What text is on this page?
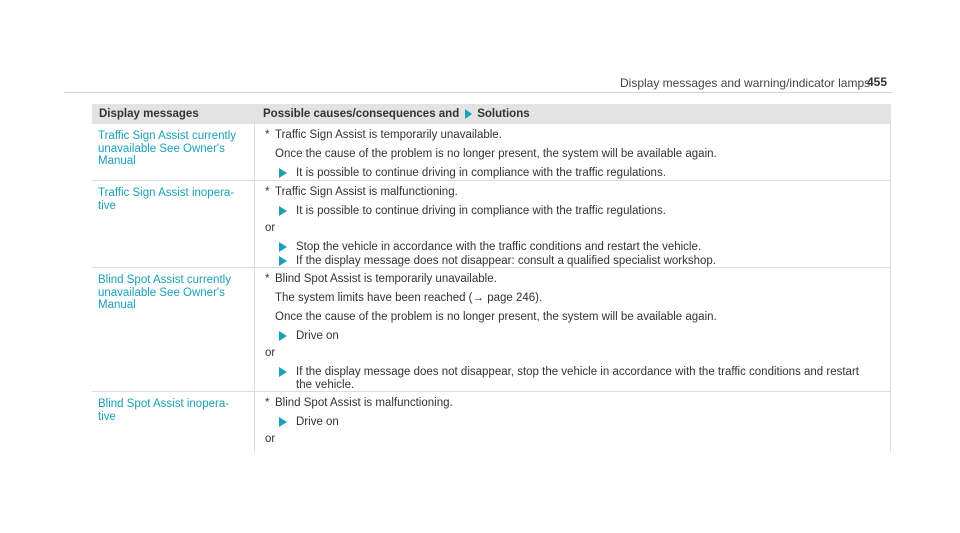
Display messages and warning/indicator lamps
455
Display messages	Possible causes/consequences and Solutions
Traffic Sign Assist currently
unavailable See Owner's
Manual
* Traffic Sign Assist is temporarily unavailable.
Once the cause of the problem is no longer present, the system will be available again.
It is possible to continue driving in compliance with the traffic regulations.
Traffic Sign Assist inopera-
tive
* Traffic Sign Assist is malfunctioning.
It is possible to continue driving in compliance with the traffic regulations.
or
Stop the vehicle in accordance with the traffic conditions and restart the vehicle.
If the display message does not disappear: consult a qualified specialist workshop.
Blind Spot Assist currently
unavailable See Owner's
Manual
* Blind Spot Assist is temporarily unavailable.
The system limits have been reached (→ page 246).
Once the cause of the problem is no longer present, the system will be available again.
Drive on
or
If the display message does not disappear, stop the vehicle in accordance with the traffic conditions and restart
the vehicle.
Blind Spot Assist inopera-
tive
* Blind Spot Assist is malfunctioning.
Drive on
or
